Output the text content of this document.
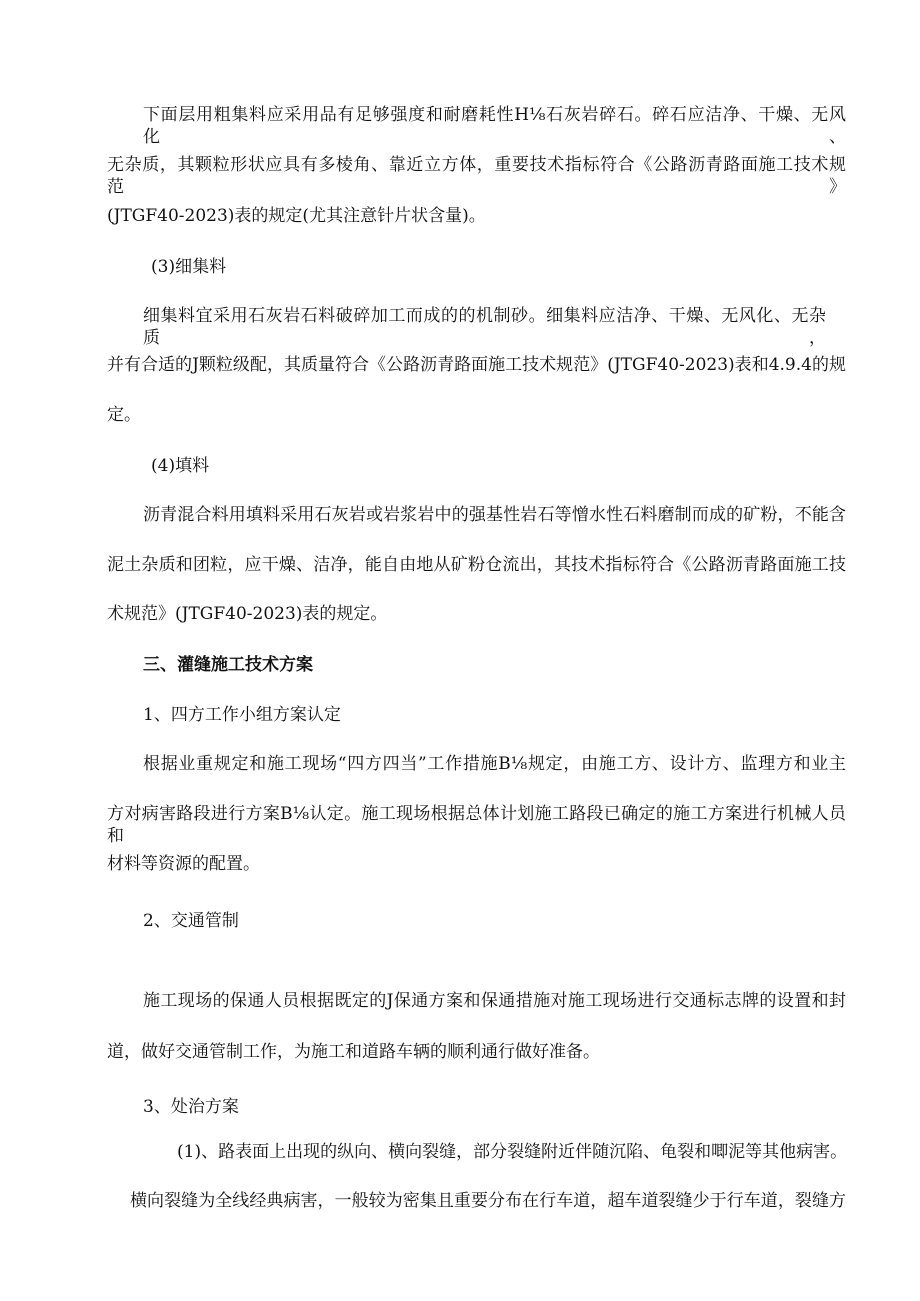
下面层用粗集料应采用品有足够强度和耐磨耗性H⅛石灰岩碎石。碎石应洁净、干燥、无风化、

无杂质，其颗粒形状应具有多棱角、靠近立方体，重要技术指标符合《公路沥青路面施工技术规范》

(JTGF40-2023)表的规定(尤其注意针片状含量)。

(3)细集料

细集料宜采用石灰岩石料破碎加工而成的的机制砂。细集料应洁净、干燥、无风化、无杂质，

并有合适的J颗粒级配，其质量符合《公路沥青路面施工技术规范》(JTGF40-2023)表和4.9.4的规

定。

(4)填料

沥青混合料用填料采用石灰岩或岩浆岩中的强基性岩石等憎水性石料磨制而成的矿粉，不能含

泥土杂质和团粒，应干燥、洁净，能自由地从矿粉仓流出，其技术指标符合《公路沥青路面施工技

术规范》(JTGF40-2023)表的规定。

三、灌缝施工技术方案

1、四方工作小组方案认定

根据业重规定和施工现场“四方四当”工作措施B⅛规定，由施工方、设计方、监理方和业主

方对病害路段进行方案B⅛认定。施工现场根据总体计划施工路段已确定的施工方案进行机械人员和

材料等资源的配置。

2、交通管制

施工现场的保通人员根据既定的J保通方案和保通措施对施工现场进行交通标志牌的设置和封

道，做好交通管制工作，为施工和道路车辆的顺利通行做好准备。

3、处治方案

(1)、路表面上出现的纵向、横向裂缝，部分裂缝附近伴随沉陷、龟裂和唧泥等其他病害。

横向裂缝为全线经典病害，一般较为密集且重要分布在行车道，超车道裂缝少于行车道，裂缝方
